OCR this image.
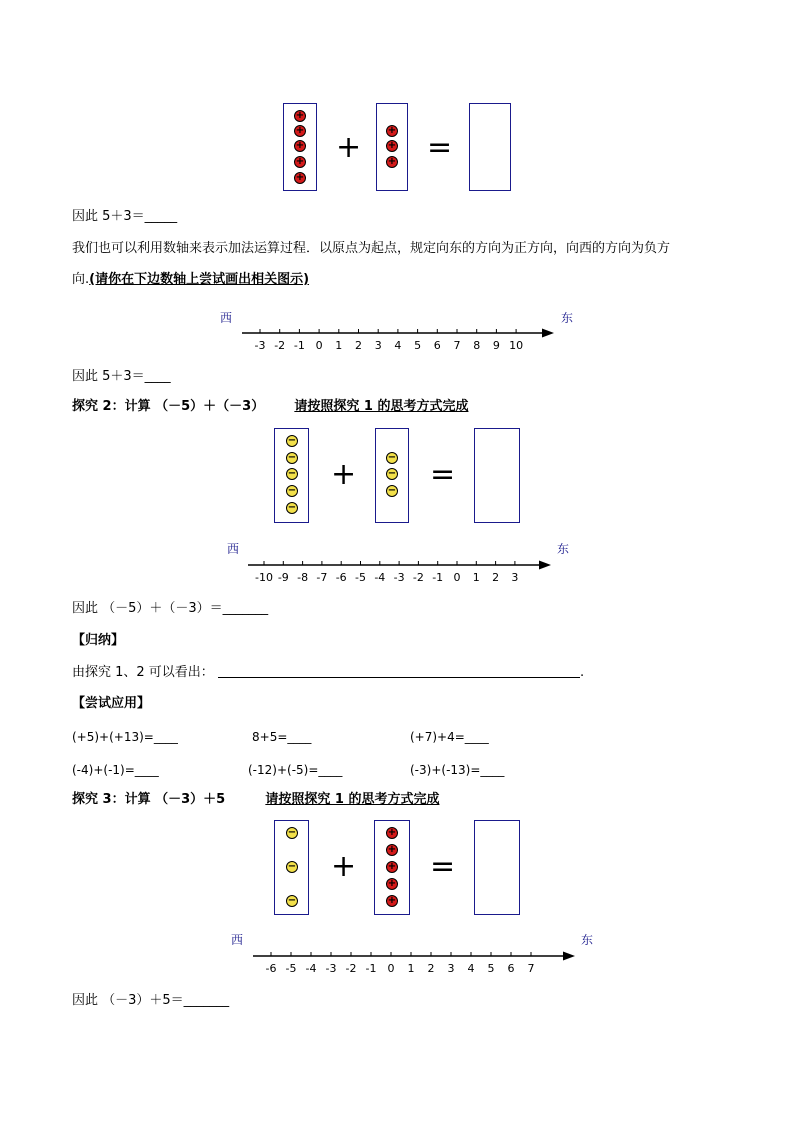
+
+
+
+
+
+	+
+
+ =
因此 5＋3＝_____
我们也可以利用数轴来表示加法运算过程．以原点为起点，规定向东的方向为正方向，向西的方向为负方
向.(请你在下边数轴上尝试画出相关图示)
西	东
-3 -2 -1 0 1 2 3 4 5 6 7 8 9 10
因此 5＋3＝____
探究 2：计算 （－5）＋（－3） 请按照探究 1 的思考方式完成
−
−
−
−
−
+	−
−
− =
西	东
-10 -9 -8 -7 -6 -5 -4 -3 -2 -1 0 1 2 3
因此 （－5）＋（－3）＝_______
【归纳】
由探究 1、2 可以看出：	.
【尝试应用】
(+5)+(+13)=____	8+5=____	(+7)+4=____
(-4)+(-1)=____	(-12)+(-5)=____	(-3)+(-13)=____
探究 3：计算 （－3）＋5	请按照探究 1 的思考方式完成
−
−
−
+
+
+
+
+
+
=
西	东
-6 -5 -4 -3 -2 -1 0 1 2 3 4 5 6 7
因此 （－3）＋5＝_______
